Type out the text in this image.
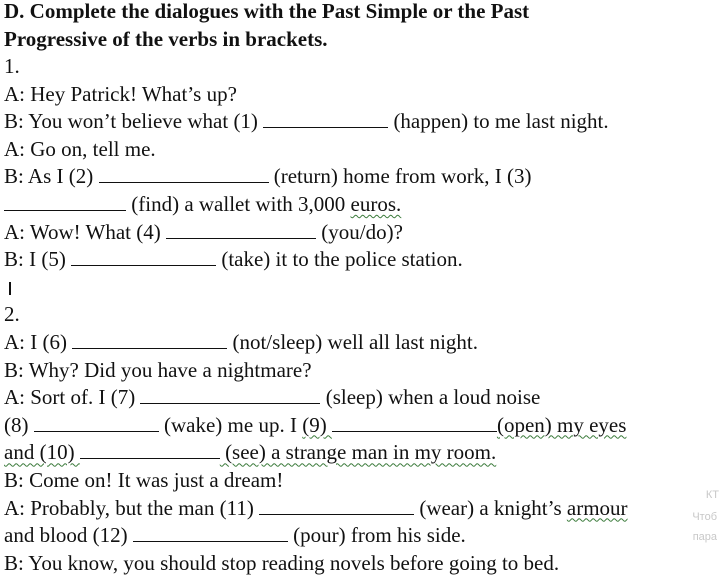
D. Complete the dialogues with the Past Simple or the Past
Progressive of the verbs in brackets.
1.
A: Hey Patrick! What’s up?
B: You won’t believe what (1)	(happen) to me last night.
A: Go on, tell me.
B: As I (2)	(return) home from work, I (3)
(find) a wallet with 3,000 euros.
A: Wow! What (4)	(you/do)?
B: I (5)	(take) it to the police station.
2.
A: I (6)	(not/sleep) well all last night.
B: Why? Did you have a nightmare?
A: Sort of. I (7)	(sleep) when a loud noise
(8)	(wake) me up. I (9)	(open) my eyes
and (10)	(see) a strange man in my room.
B: Come on! It was just a dream!
A: Probably, but the man (11)	(wear) a knight’s armour
and blood (12)	(pour) from his side.
B: You know, you should stop reading novels before going to bed.
КТ
Чтоб
пара
